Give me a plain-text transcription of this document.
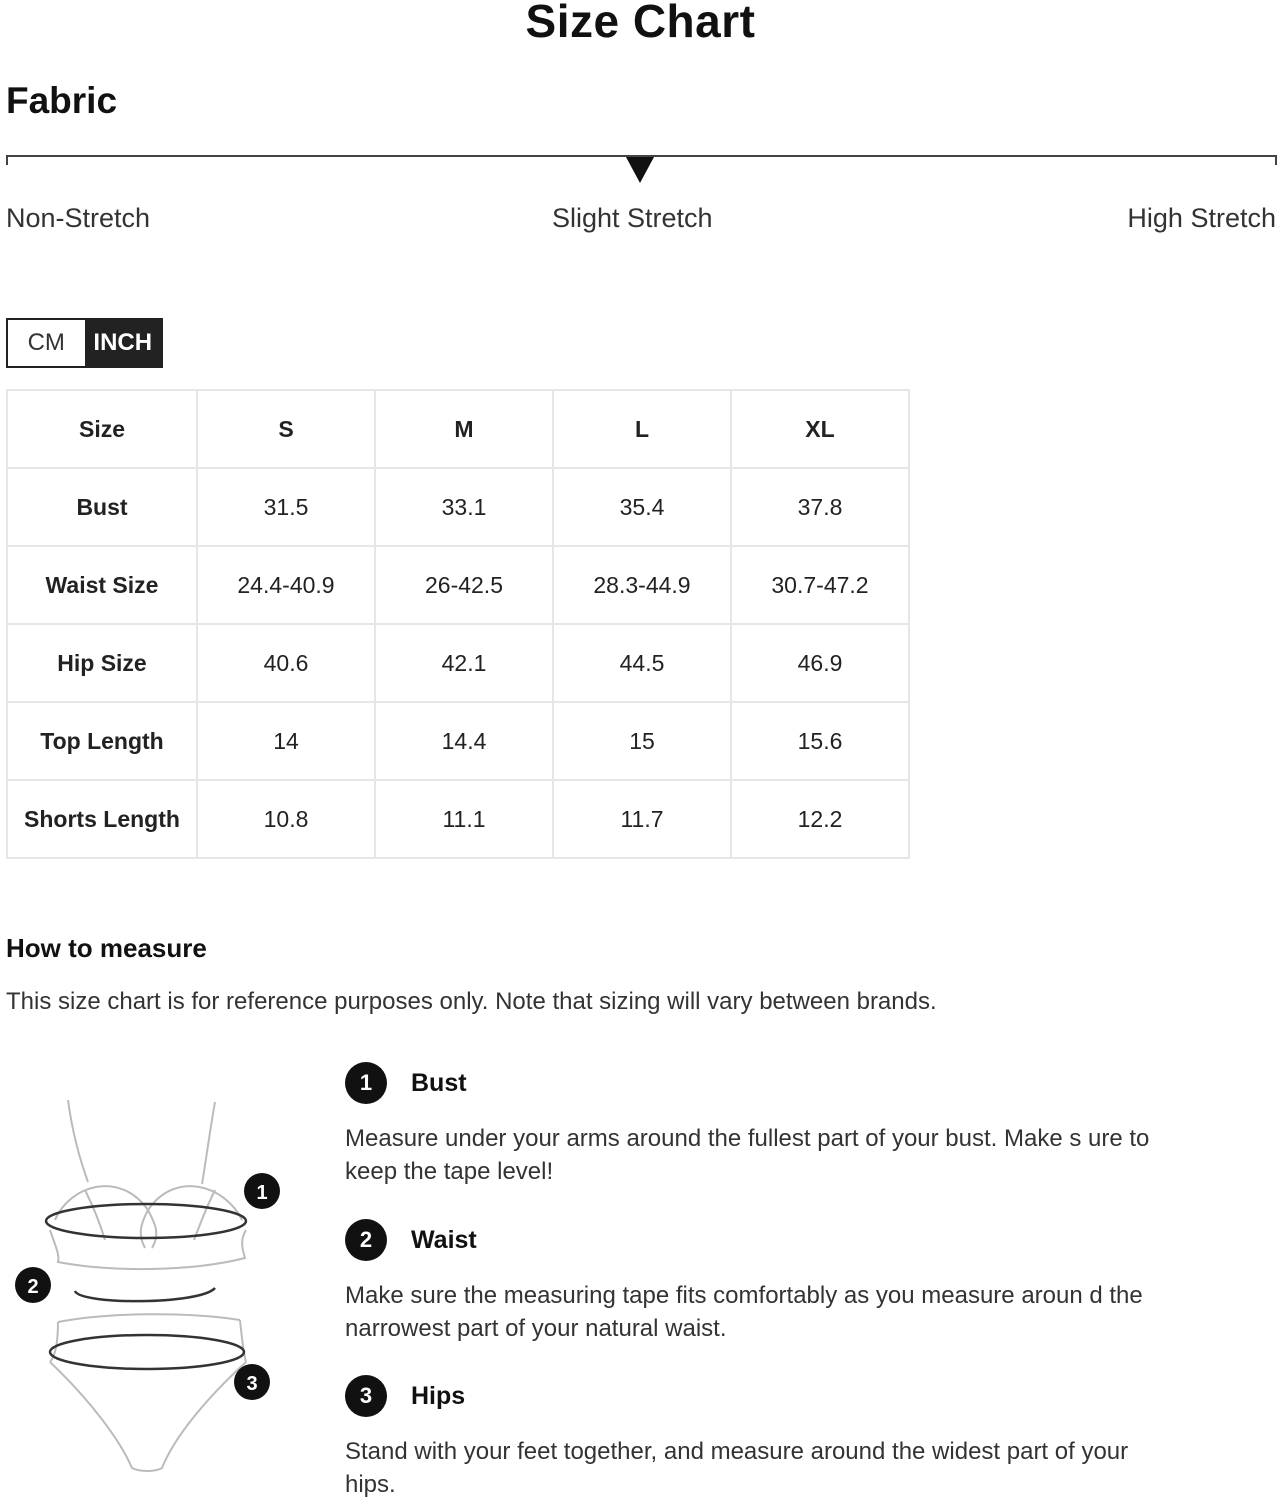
Size Chart
Fabric
Non-Stretch	Slight Stretch	High Stretch
CM	INCH
Size	S	M	L	XL
Bust	31.5	33.1	35.4	37.8
Waist Size	24.4-40.9	26-42.5	28.3-44.9	30.7-47.2
Hip Size	40.6	42.1	44.5	46.9
Top Length	14	14.4	15	15.6
Shorts Length	10.8	11.1	11.7	12.2
How to measure
This size chart is for reference purposes only. Note that sizing will vary between brands.
1
2
3
1	Bust
Measure under your arms around the fullest part of your bust. Make s ure to keep the tape level!
2	Waist
Make sure the measuring tape fits comfortably as you measure aroun d the narrowest part of your natural waist.
3	Hips
Stand with your feet together, and measure around the widest part of your hips.
